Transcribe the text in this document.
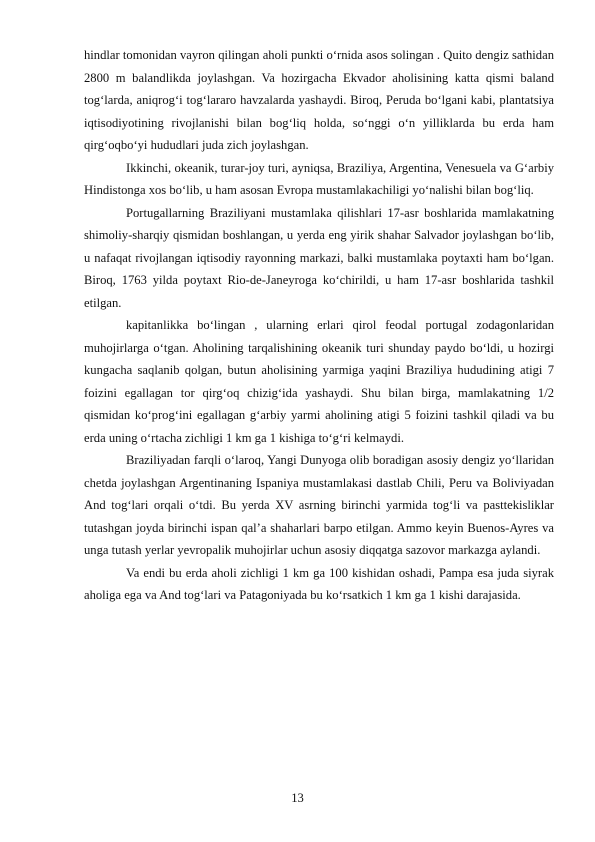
hindlar tomonidan vayron qilingan aholi punkti o‘rnida asos solingan . Quito dengiz sathidan 2800 m balandlikda joylashgan. Va hozirgacha Ekvador aholisining katta qismi baland tog‘larda, aniqrog‘i tog‘lararo havzalarda yashaydi. Biroq, Peruda bo‘lgani kabi, plantatsiya iqtisodiyotining rivojlanishi bilan bog‘liq holda, so‘nggi o‘n yilliklarda bu erda ham qirg‘oqbo‘yi hududlari juda zich joylashgan.

Ikkinchi, okeanik, turar-joy turi, ayniqsa, Braziliya, Argentina, Venesuela va G‘arbiy Hindistonga xos bo‘lib, u ham asosan Evropa mustamlakachiligi yo‘nalishi bilan bog‘liq.

Portugallarning Braziliyani mustamlaka qilishlari 17-asr boshlarida mamlakatning shimoliy-sharqiy qismidan boshlangan, u yerda eng yirik shahar Salvador joylashgan bo‘lib, u nafaqat rivojlangan iqtisodiy rayonning markazi, balki mustamlaka poytaxti ham bo‘lgan. Biroq, 1763 yilda poytaxt Rio-de-Janeyroga ko‘chirildi, u ham 17-asr boshlarida tashkil etilgan.

kapitanlikka bo‘lingan , ularning erlari qirol feodal portugal zodagonlaridan muhojirlarga o‘tgan. Aholining tarqalishining okeanik turi shunday paydo bo‘ldi, u hozirgi kungacha saqlanib qolgan, butun aholisining yarmiga yaqini Braziliya hududining atigi 7 foizini egallagan tor qirg‘oq chizig‘ida yashaydi. Shu bilan birga, mamlakatning 1/2 qismidan ko‘prog‘ini egallagan g‘arbiy yarmi aholining atigi 5 foizini tashkil qiladi va bu erda uning o‘rtacha zichligi 1 km ga 1 kishiga to‘g‘ri kelmaydi.

Braziliyadan farqli o‘laroq, Yangi Dunyoga olib boradigan asosiy dengiz yo‘llaridan chetda joylashgan Argentinaning Ispaniya mustamlakasi dastlab Chili, Peru va Boliviyadan And tog‘lari orqali o‘tdi. Bu yerda XV asrning birinchi yarmida tog‘li va pasttekisliklar tutashgan joyda birinchi ispan qal’a shaharlari barpo etilgan. Ammo keyin Buenos-Ayres va unga tutash yerlar yevropalik muhojirlar uchun asosiy diqqatga sazovor markazga aylandi.

Va endi bu erda aholi zichligi 1 km ga 100 kishidan oshadi, Pampa esa juda siyrak aholiga ega va And tog‘lari va Patagoniyada bu ko‘rsatkich 1 km ga 1 kishi darajasida.

13
